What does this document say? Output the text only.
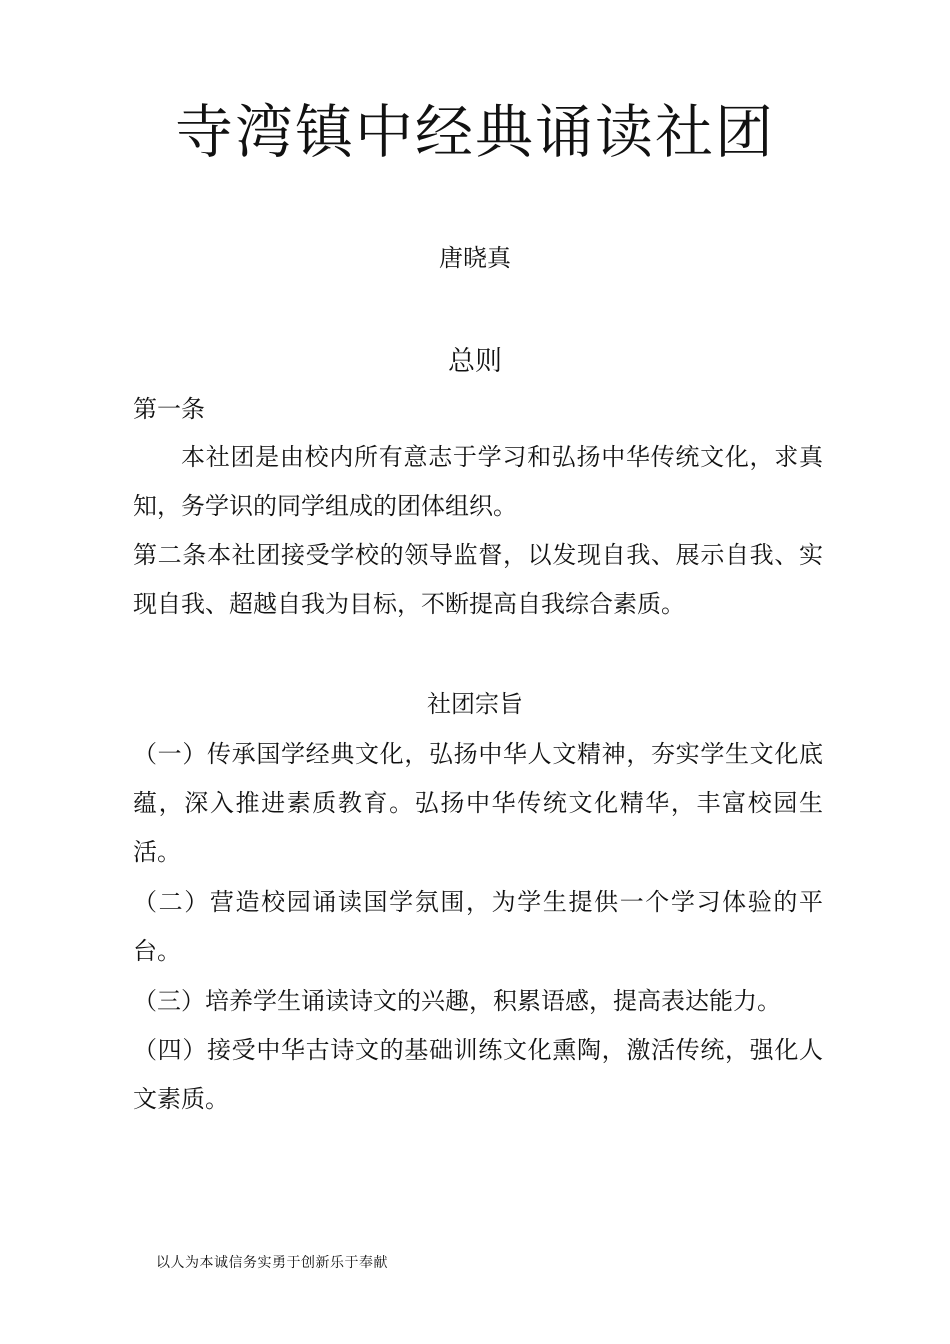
寺湾镇中经典诵读社团
唐晓真
总则

第一条

本社团是由校内所有意志于学习和弘扬中华传统文化，求真知，务学识的同学组成的团体组织。

第二条本社团接受学校的领导监督，以发现自我、展示自我、实现自我、超越自我为目标，不断提高自我综合素质。

社团宗旨

（一）传承国学经典文化，弘扬中华人文精神，夯实学生文化底蕴，深入推进素质教育。弘扬中华传统文化精华，丰富校园生活。

（二）营造校园诵读国学氛围，为学生提供一个学习体验的平台。

（三）培养学生诵读诗文的兴趣，积累语感，提高表达能力。

（四）接受中华古诗文的基础训练文化熏陶，激活传统，强化人文素质。

以人为本诚信务实勇于创新乐于奉献
